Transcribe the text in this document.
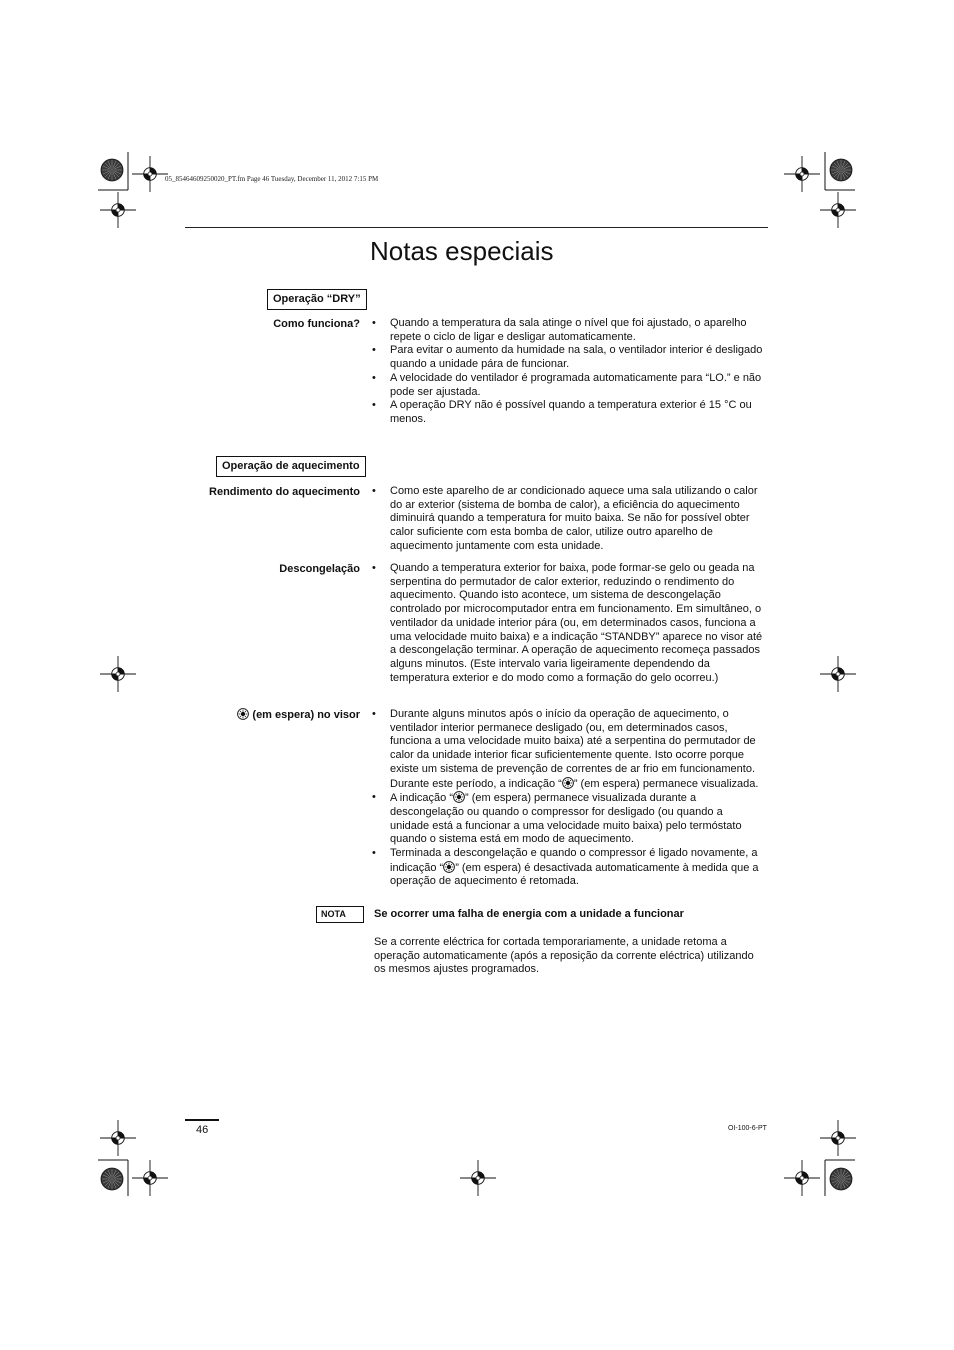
05_85464609250020_PT.fm Page 46 Tuesday, December 11, 2012 7:15 PM
Notas especiais
Operação “DRY”
Como funciona?	• Quando a temperatura da sala atinge o nível que foi ajustado, o aparelho repete o ciclo de ligar e desligar automaticamente.
• Para evitar o aumento da humidade na sala, o ventilador interior é desligado quando a unidade pára de funcionar.
• A velocidade do ventilador é programada automaticamente para “LO.” e não pode ser ajustada.
• A operação DRY não é possível quando a temperatura exterior é 15 °C ou menos.
Operação de aquecimento
Rendimento do aquecimento	• Como este aparelho de ar condicionado aquece uma sala utilizando o calor do ar exterior (sistema de bomba de calor), a eficiência do aquecimento diminuirá quando a temperatura for muito baixa. Se não for possível obter calor suficiente com esta bomba de calor, utilize outro aparelho de aquecimento juntamente com esta unidade.
Descongelação	• Quando a temperatura exterior for baixa, pode formar-se gelo ou geada na serpentina do permutador de calor exterior, reduzindo o rendimento do aquecimento. Quando isto acontece, um sistema de descongelação controlado por microcomputador entra em funcionamento. Em simultâneo, o ventilador da unidade interior pára (ou, em determinados casos, funciona a uma velocidade muito baixa) e a indicação “STANDBY” aparece no visor até a descongelação terminar. A operação de aquecimento recomeça passados alguns minutos. (Este intervalo varia ligeiramente dependendo da temperatura exterior e do modo como a formação do gelo ocorreu.)
(em espera) no visor	• Durante alguns minutos após o início da operação de aquecimento, o ventilador interior permanece desligado (ou, em determinados casos, funciona a uma velocidade muito baixa) até a serpentina do permutador de calor da unidade interior ficar suficientemente quente. Isto ocorre porque existe um sistema de prevenção de correntes de ar frio em funcionamento. Durante este período, a indicação “ ” (em espera) permanece visualizada.
• A indicação “ ” (em espera) permanece visualizada durante a descongelação ou quando o compressor for desligado (ou quando a unidade está a funcionar a uma velocidade muito baixa) pelo termóstato quando o sistema está em modo de aquecimento.
• Terminada a descongelação e quando o compressor é ligado novamente, a indicação “ ” (em espera) é desactivada automaticamente à medida que a operação de aquecimento é retomada.
NOTA	Se ocorrer uma falha de energia com a unidade a funcionar
Se a corrente eléctrica for cortada temporariamente, a unidade retoma a operação automaticamente (após a reposição da corrente eléctrica) utilizando os mesmos ajustes programados.
46	OI-100-6-PT
